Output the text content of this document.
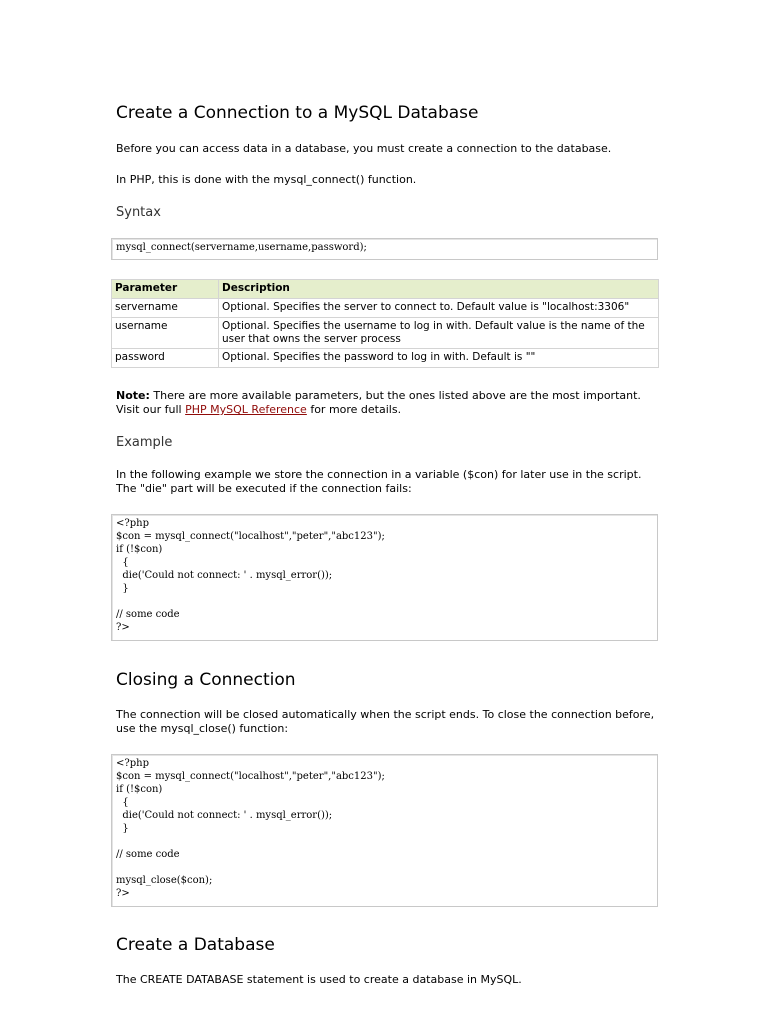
Create a Connection to a MySQL Database

Before you can access data in a database, you must create a connection to the database.

In PHP, this is done with the mysql_connect() function.

Syntax
mysql_connect(servername,username,password);
Parameter	Description
servername	Optional. Specifies the server to connect to. Default value is "localhost:3306"
username	Optional. Specifies the username to log in with. Default value is the name of the user that owns the server process
password	Optional. Specifies the password to log in with. Default is ""

Note: There are more available parameters, but the ones listed above are the most important. Visit our full PHP MySQL Reference for more details.

Example

In the following example we store the connection in a variable ($con) for later use in the script. The "die" part will be executed if the connection fails:

<?php
$con = mysql_connect("localhost","peter","abc123");
if (!$con)
{
die('Could not connect: ' . mysql_error());
}

// some code
?>
Closing a Connection

The connection will be closed automatically when the script ends. To close the connection before, use the mysql_close() function:

<?php
$con = mysql_connect("localhost","peter","abc123");
if (!$con)
{
die('Could not connect: ' . mysql_error());
}

// some code

mysql_close($con);
?>
Create a Database

The CREATE DATABASE statement is used to create a database in MySQL.
